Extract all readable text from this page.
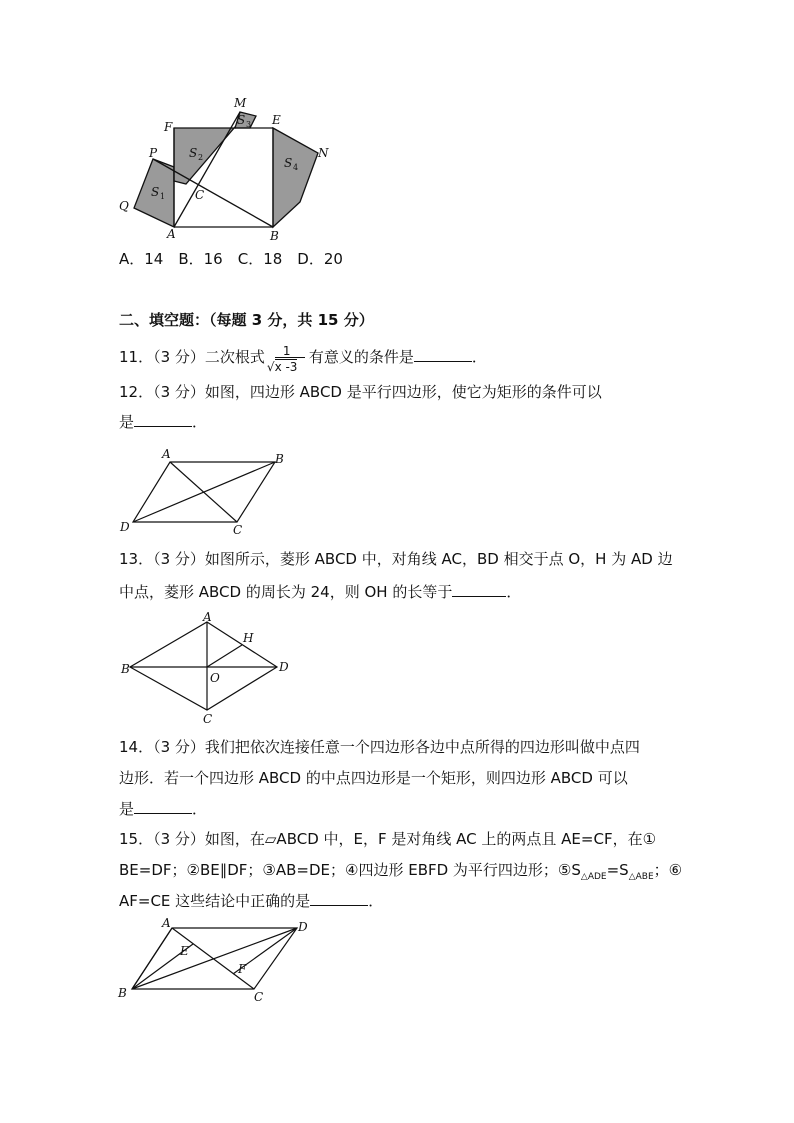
M
E
F
N
P
Q
C
A	B
S 1
S 2
S 3
S 4
A．14　B．16　C．18　D．20
二、填空题：（每题 3 分，共 15 分）
11．（3 分）二次根式 $\frac{1}{√x -3}$ 有意义的条件是	．
12．（3 分）如图，四边形 ABCD 是平行四边形，使它为矩形的条件可以
是	．
A	B
C
D
13．（3 分）如图所示，菱形 ABCD 中，对角线 AC，BD 相交于点 O，H 为 AD 边
中点，菱形 ABCD 的周长为 24，则 OH 的长等于	．
A
B
C
D
H
O
14．（3 分）我们把依次连接任意一个四边形各边中点所得的四边形叫做中点四
边形．若一个四边形 ABCD 的中点四边形是一个矩形，则四边形 ABCD 可以
是	．
15．（3 分）如图，在▱ABCD 中，E，F 是对角线 AC 上的两点且 AE=CF，在①
BE=DF；②BE∥DF；③AB=DE；④四边形 EBFD 为平行四边形；$⑤S_{\triangle ADE}=S_{\triangle ABE}$；⑥
AF=CE 这些结论中正确的是	．
A
B	C
D
E
F
